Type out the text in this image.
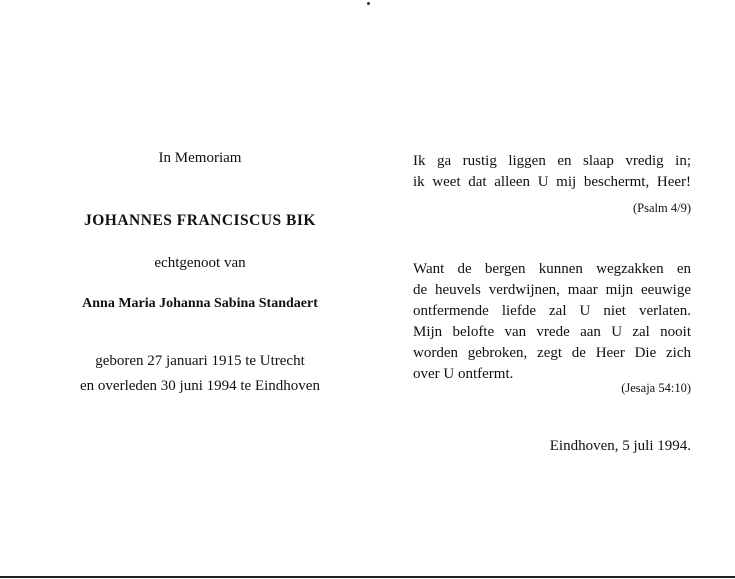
In Memoriam
JOHANNES FRANCISCUS BIK
echtgenoot van
Anna Maria Johanna Sabina Standaert
geboren 27 januari 1915 te Utrecht
en overleden 30 juni 1994 te Eindhoven
Ik ga rustig liggen en slaap vredig in;
ik weet dat alleen U mij beschermt, Heer!
(Psalm 4/9)
Want de bergen kunnen wegzakken en
de heuvels verdwijnen, maar mijn eeuwige
ontfermende liefde zal U niet verlaten.
Mijn belofte van vrede aan U zal nooit
worden gebroken, zegt de Heer Die zich
over U ontfermt.
(Jesaja 54:10)
Eindhoven, 5 juli 1994.
